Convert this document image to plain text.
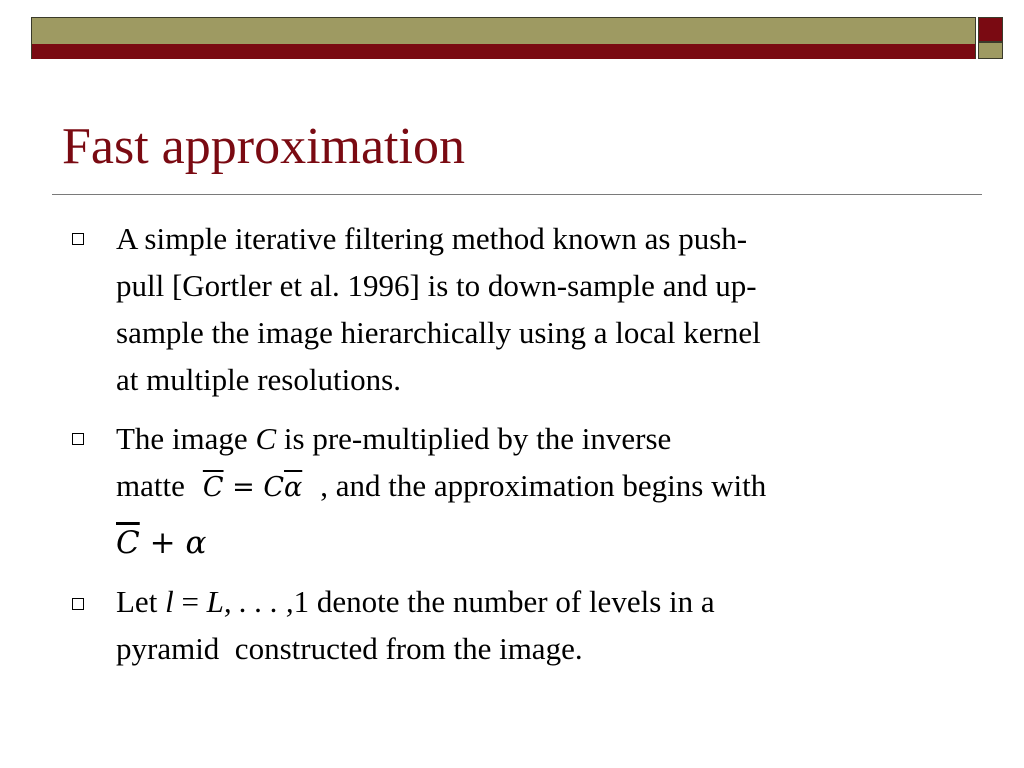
Fast approximation
A simple iterative filtering method known as push-
pull [Gortler et al. 1996] is to down-sample and up-
sample the image hierarchically using a local kernel
at multiple resolutions.
The image C is pre-multiplied by the inverse
matte $\overline{C} = C\overline{\alpha}$ , and the approximation begins with
$\overline{C} + \alpha$
Let l = L, . . . ,1 denote the number of levels in a
pyramid  constructed from the image.
